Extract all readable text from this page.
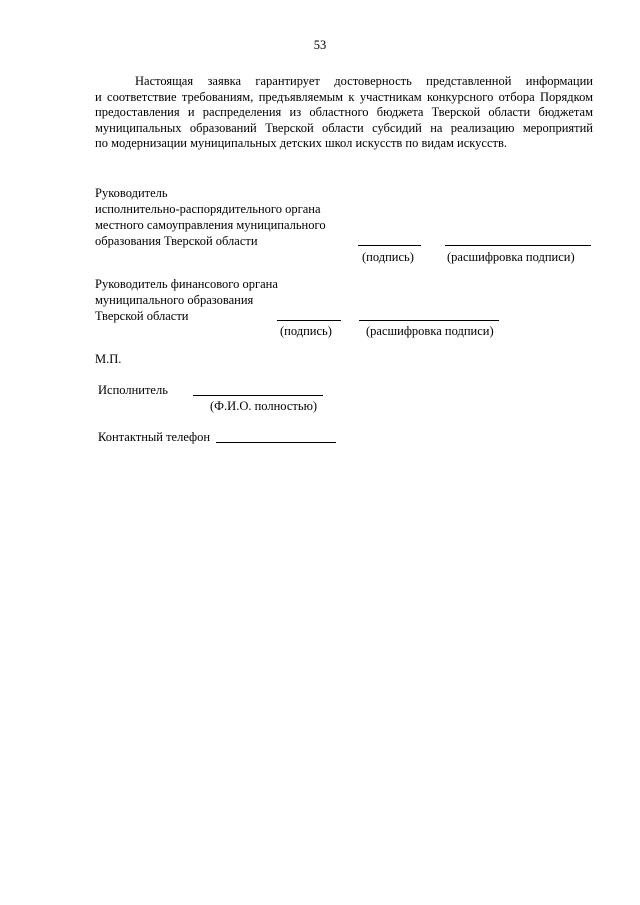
53
Настоящая заявка гарантирует достоверность представленной информации
и соответствие требованиям, предъявляемым к участникам конкурсного отбора Порядком
предоставления и распределения из областного бюджета Тверской области бюджетам
муниципальных образований Тверской области субсидий на реализацию мероприятий
по модернизации муниципальных детских школ искусств по видам искусств.
Руководитель
исполнительно-распорядительного органа
местного самоуправления муниципального
образования Тверской области
(подпись)	(расшифровка подписи)
Руководитель финансового органа
муниципального образования
Тверской области
(подпись)	(расшифровка подписи)
М.П.
Исполнитель
(Ф.И.О. полностью)
Контактный телефон
